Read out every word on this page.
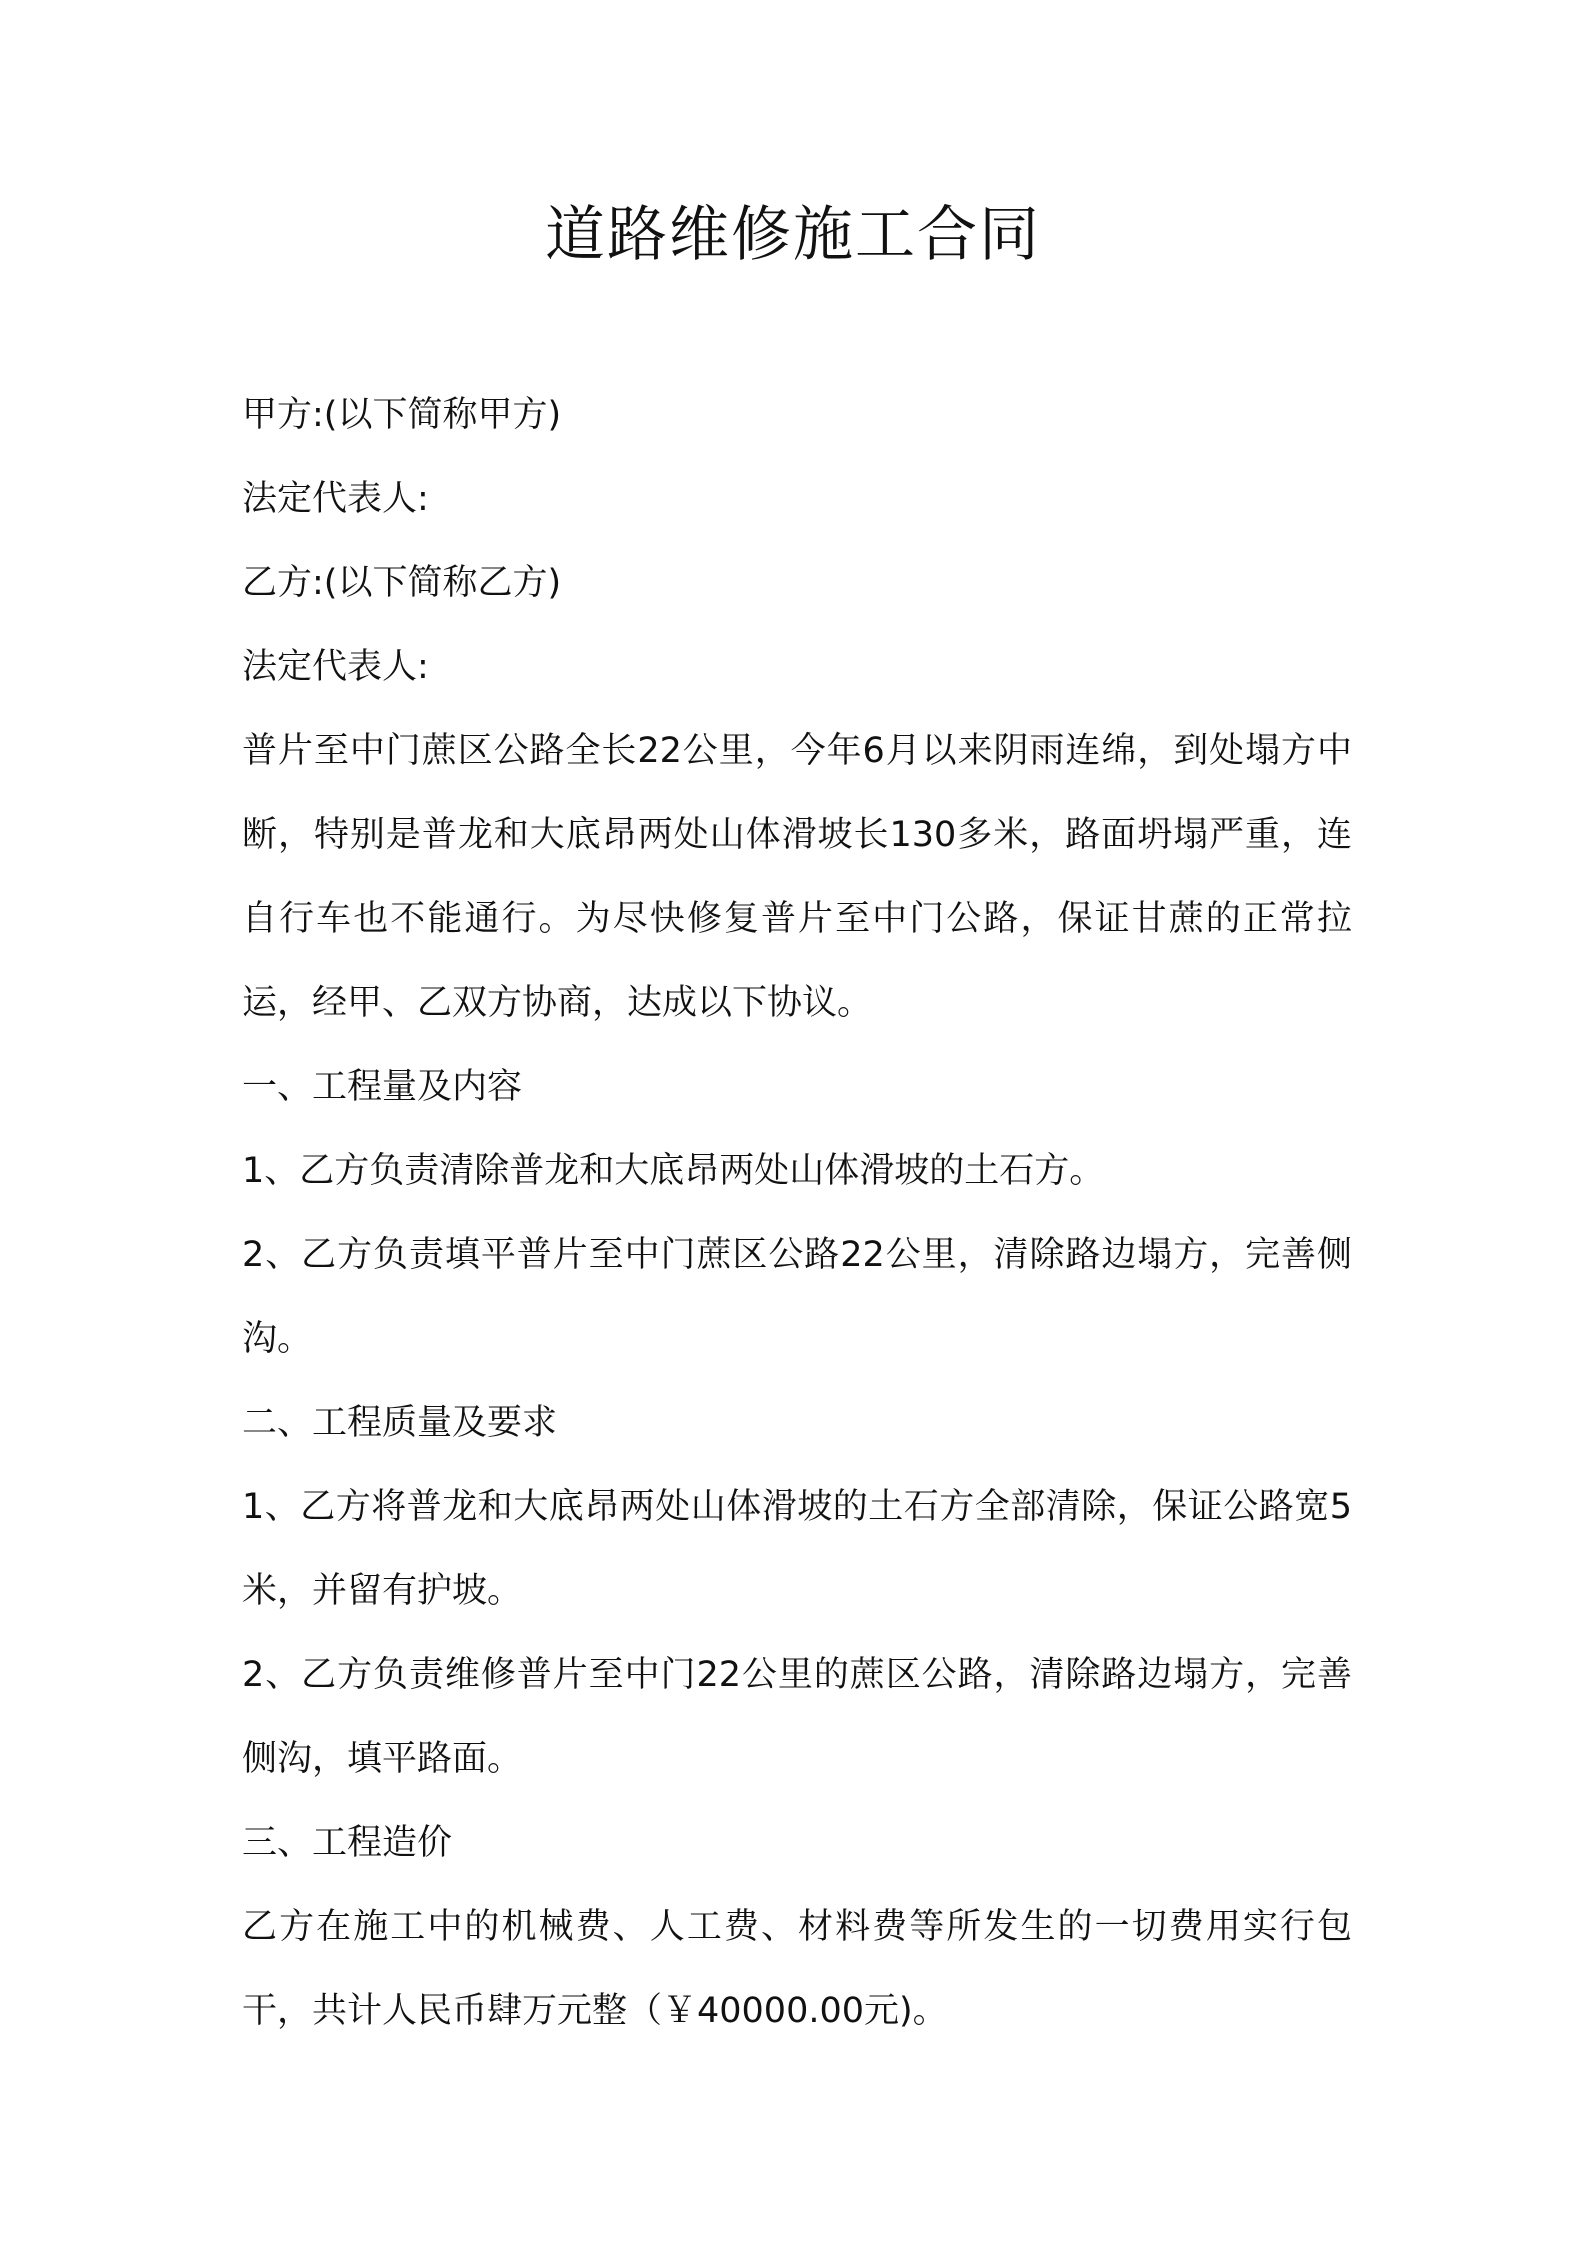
道路维修施工合同

甲方:(以下简称甲方)

法定代表人:

乙方:(以下简称乙方)

法定代表人:

普片至中门蔗区公路全长22公里，今年6月以来阴雨连绵，到处塌方中断，特别是普龙和大底昂两处山体滑坡长130多米，路面坍塌严重，连自行车也不能通行。为尽快修复普片至中门公路，保证甘蔗的正常拉运，经甲、乙双方协商，达成以下协议。

一、工程量及内容

1、乙方负责清除普龙和大底昂两处山体滑坡的土石方。

2、乙方负责填平普片至中门蔗区公路22公里，清除路边塌方，完善侧沟。

二、工程质量及要求

1、乙方将普龙和大底昂两处山体滑坡的土石方全部清除，保证公路宽5米，并留有护坡。

2、乙方负责维修普片至中门22公里的蔗区公路，清除路边塌方，完善侧沟，填平路面。

三、工程造价

乙方在施工中的机械费、人工费、材料费等所发生的一切费用实行包干，共计人民币肆万元整（￥40000.00元)。
